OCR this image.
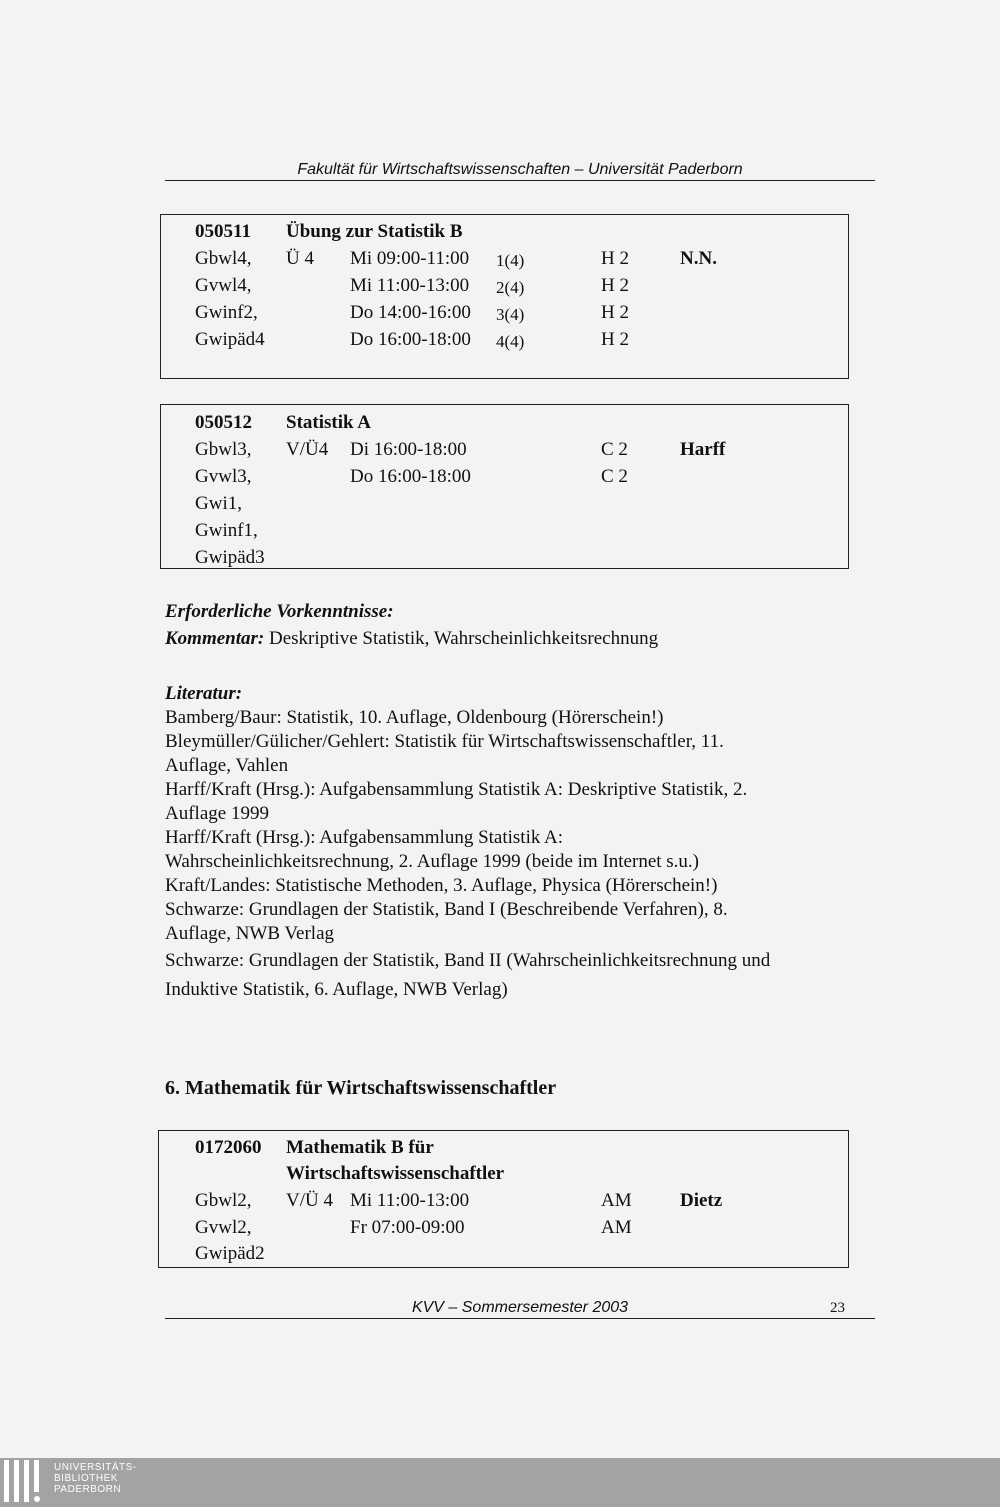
Fakultät für Wirtschaftswissenschaften – Universität Paderborn
050511 Übung zur Statistik B
Gbwl4, Ü 4 Mi 09:00-11:00 1(4)	H 2	N.N.
Gvwl4,	Mi 11:00-13:00 2(4)	H 2
Gwinf2,	Do 14:00-16:00 3(4)	H 2
Gwipäd4	Do 16:00-18:00 4(4)	H 2
050512 Statistik A
Gbwl3, V/Ü4 Di 16:00-18:00	C 2	Harff
Gvwl3,	Do 16:00-18:00	C 2
Gwi1,
Gwinf1,
Gwipäd3
Erforderliche Vorkenntnisse:
Kommentar: Deskriptive Statistik, Wahrscheinlichkeitsrechnung
Literatur:
Bamberg/Baur: Statistik, 10. Auflage, Oldenbourg (Hörerschein!)
Bleymüller/Gülicher/Gehlert: Statistik für Wirtschaftswissenschaftler, 11.
Auflage, Vahlen
Harff/Kraft (Hrsg.): Aufgabensammlung Statistik A: Deskriptive Statistik, 2.
Auflage 1999
Harff/Kraft (Hrsg.): Aufgabensammlung Statistik A:
Wahrscheinlichkeitsrechnung, 2. Auflage 1999 (beide im Internet s.u.)
Kraft/Landes: Statistische Methoden, 3. Auflage, Physica (Hörerschein!)
Schwarze: Grundlagen der Statistik, Band I (Beschreibende Verfahren), 8.
Auflage, NWB Verlag
Schwarze: Grundlagen der Statistik, Band II (Wahrscheinlichkeitsrechnung und
Induktive Statistik, 6. Auflage, NWB Verlag)
6. Mathematik für Wirtschaftswissenschaftler
0172060 Mathematik B für
Wirtschaftswissenschaftler
Gbwl2, V/Ü 4 Mi 11:00-13:00	AM	Dietz
Gvwl2,	Fr 07:00-09:00	AM
Gwipäd2
KVV – Sommersemester 2003	23
UNIVERSITÄTS-
BIBLIOTHEK
PADERBORN
